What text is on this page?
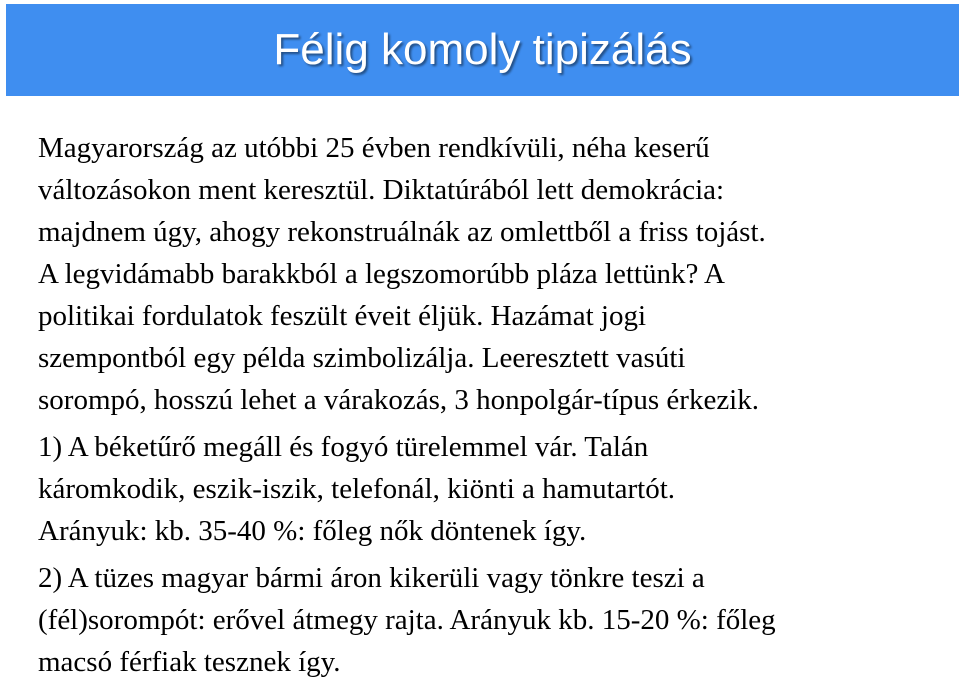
Félig komoly tipizálás
Magyarország az utóbbi 25 évben rendkívüli, néha keserű
változásokon ment keresztül. Diktatúrából lett demokrácia:
majdnem úgy, ahogy rekonstruálnák az omlettből a friss tojást.
A legvidámabb barakkból a legszomorúbb pláza lettünk? A
politikai fordulatok feszült éveit éljük. Hazámat jogi
szempontból egy példa szimbolizálja. Leeresztett vasúti
sorompó, hosszú lehet a várakozás, 3 honpolgár-típus érkezik.
1) A béketűrő megáll és fogyó türelemmel vár. Talán
káromkodik, eszik-iszik, telefonál, kiönti a hamutartót.
Arányuk: kb. 35-40 %: főleg nők döntenek így.
2) A tüzes magyar bármi áron kikerüli vagy tönkre teszi a
(fél)sorompót: erővel átmegy rajta. Arányuk kb. 15-20 %: főleg
macsó férfiak tesznek így.
